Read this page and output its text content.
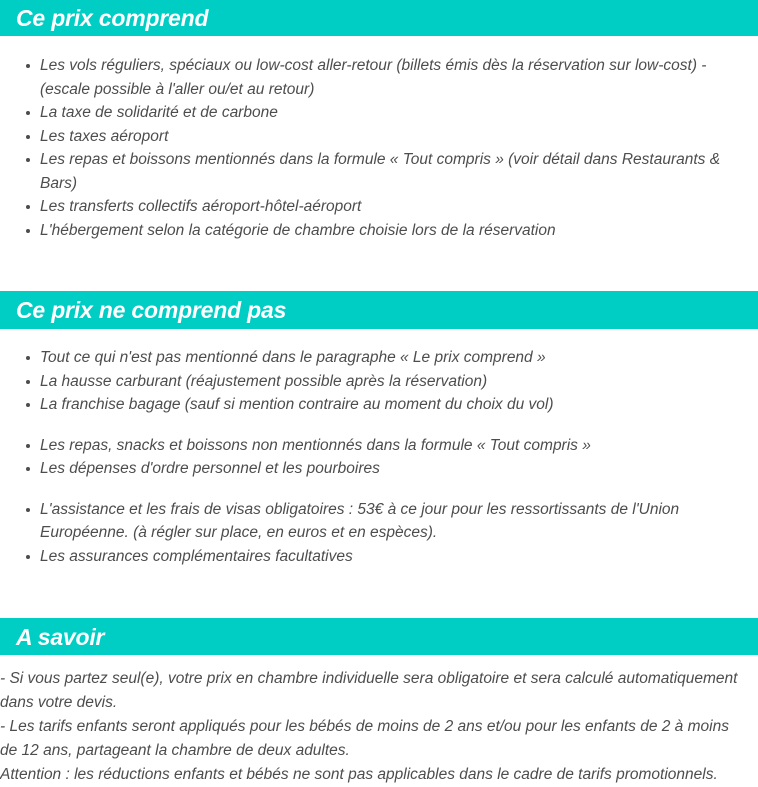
Ce prix comprend
Les vols réguliers, spéciaux ou low-cost aller-retour (billets émis dès la réservation sur low-cost) - (escale possible à l'aller ou/et au retour)
La taxe de solidarité et de carbone
Les taxes aéroport
Les repas et boissons mentionnés dans la formule « Tout compris » (voir détail dans Restaurants & Bars)
Les transferts collectifs aéroport-hôtel-aéroport
L'hébergement selon la catégorie de chambre choisie lors de la réservation
Ce prix ne comprend pas
Tout ce qui n'est pas mentionné dans le paragraphe « Le prix comprend »
La hausse carburant (réajustement possible après la réservation)
La franchise bagage (sauf si mention contraire au moment du choix du vol)
Les repas, snacks et boissons non mentionnés dans la formule « Tout compris »
Les dépenses d'ordre personnel et les pourboires
L'assistance et les frais de visas obligatoires : 53€ à ce jour pour les ressortissants de l'Union Européenne. (à régler sur place, en euros et en espèces).
Les assurances complémentaires facultatives
A savoir

- Si vous partez seul(e), votre prix en chambre individuelle sera obligatoire et sera calculé automatiquement dans votre devis.

- Les tarifs enfants seront appliqués pour les bébés de moins de 2 ans et/ou pour les enfants de 2 à moins de 12 ans, partageant la chambre de deux adultes.

Attention : les réductions enfants et bébés ne sont pas applicables dans le cadre de tarifs promotionnels.
